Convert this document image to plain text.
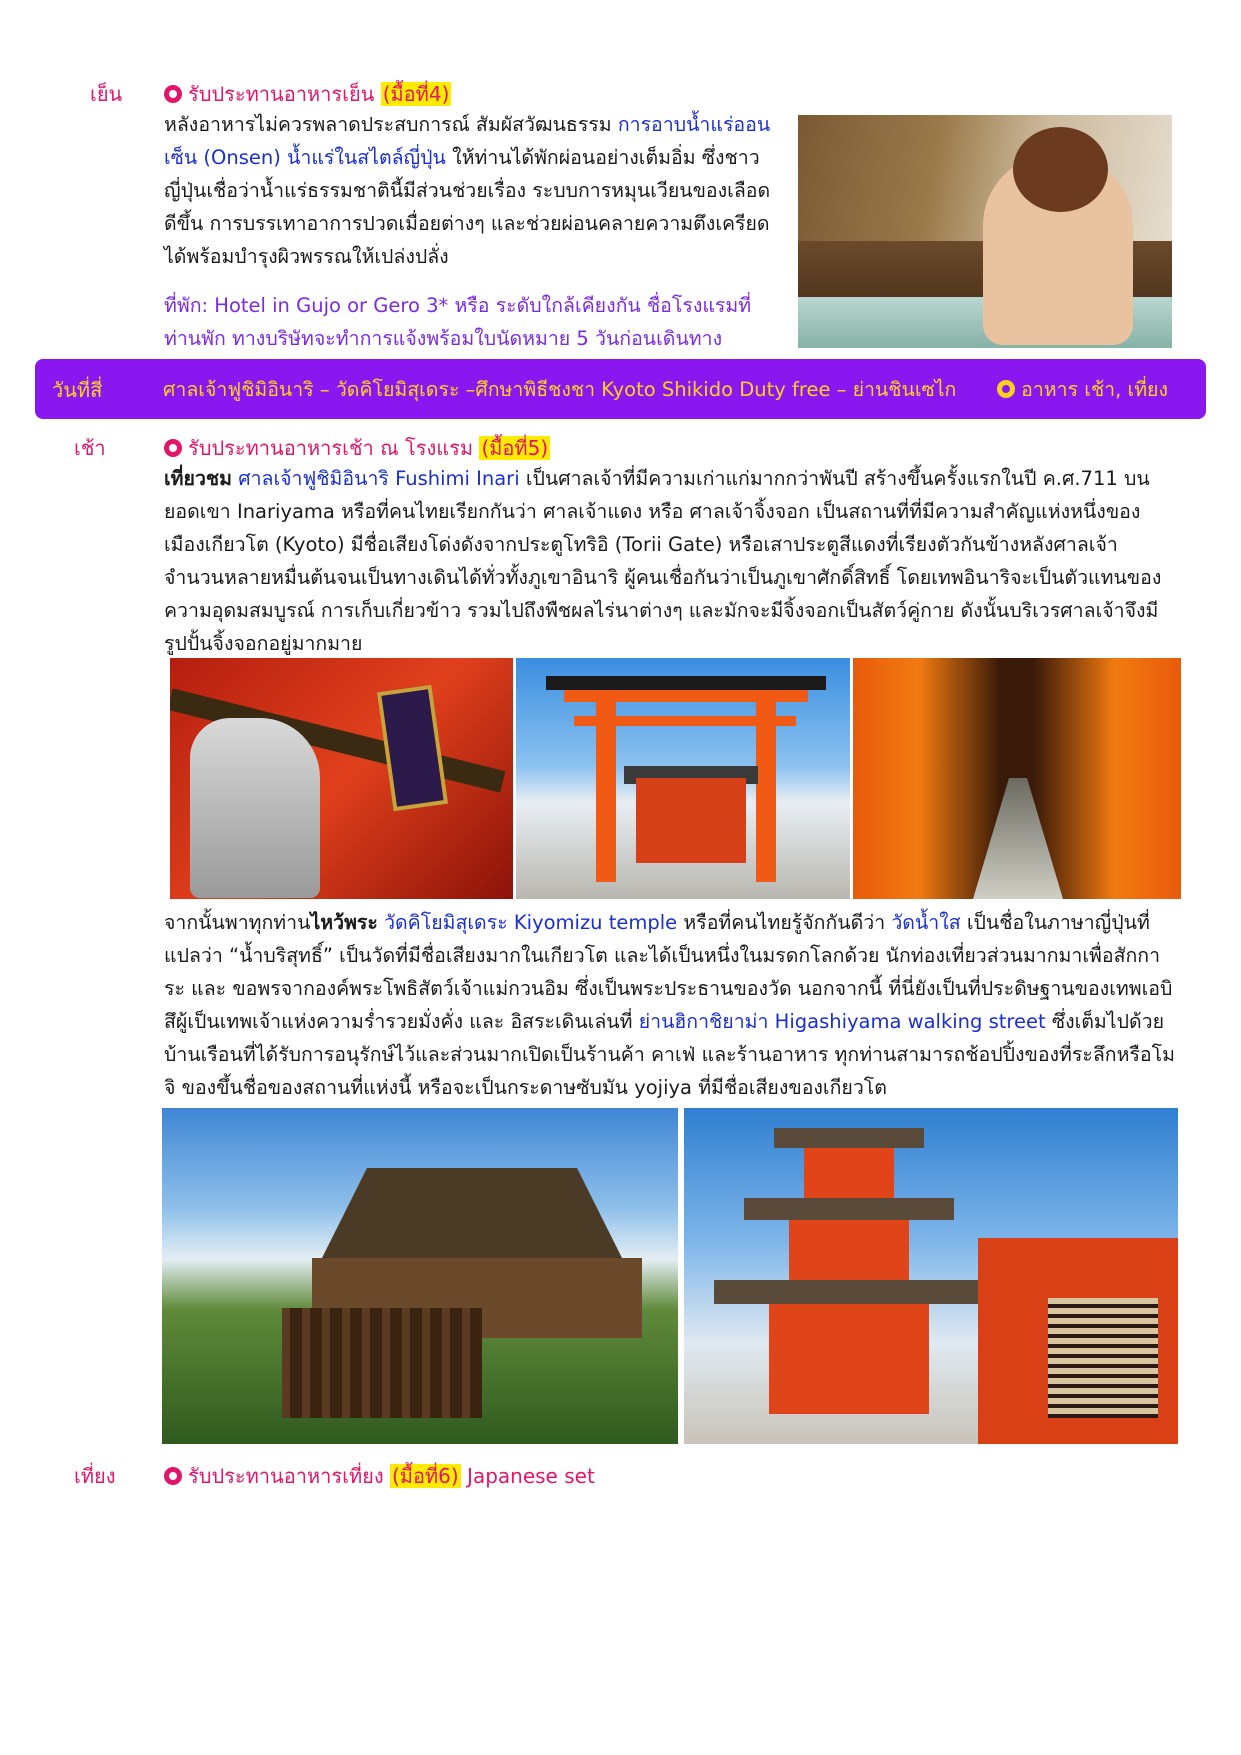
เย็น	รับประทานอาหารเย็น (มื้อที่4)
หลังอาหารไม่ควรพลาดประสบการณ์ สัมผัสวัฒนธรรม การอาบน้ำแร่ออนเซ็น (Onsen) น้ำแร่ในสไตล์ญี่ปุ่น ให้ท่านได้พักผ่อนอย่างเต็มอิ่ม ซึ่งชาวญี่ปุ่นเชื่อว่าน้ำแร่ธรรมชาตินี้มีส่วนช่วยเรื่อง ระบบการหมุนเวียนของเลือดดีขึ้น การบรรเทาอาการปวดเมื่อยต่างๆ และช่วยผ่อนคลายความตึงเครียดได้พร้อมบำรุงผิวพรรณให้เปล่งปลั่ง
ที่พัก: Hotel in Gujo or Gero 3* หรือ ระดับใกล้เคียงกัน ชื่อโรงแรมที่ท่านพัก ทางบริษัทจะทำการแจ้งพร้อมใบนัดหมาย 5 วันก่อนเดินทาง
วันที่สี่	ศาลเจ้าฟูชิมิอินาริ – วัดคิโยมิสุเดระ –ศึกษาพิธีชงชา Kyoto Shikido Duty free – ย่านชินเซไก	อาหาร เช้า, เที่ยง
เช้า	รับประทานอาหารเช้า ณ โรงแรม (มื้อที่5)
เที่ยวชม ศาลเจ้าฟูชิมิอินาริ Fushimi Inari เป็นศาลเจ้าที่มีความเก่าแก่มากกว่าพันปี สร้างขึ้นครั้งแรกในปี ค.ศ.711 บนยอดเขา Inariyama หรือที่คนไทยเรียกกันว่า ศาลเจ้าแดง หรือ ศาลเจ้าจิ้งจอก เป็นสถานที่ที่มีความสำคัญแห่งหนึ่งของเมืองเกียวโต (Kyoto) มีชื่อเสียงโด่งดังจากประตูโทริอิ (Torii Gate) หรือเสาประตูสีแดงที่เรียงตัวกันข้างหลังศาลเจ้าจำนวนหลายหมื่นต้นจนเป็นทางเดินได้ทั่วทั้งภูเขาอินาริ ผู้คนเชื่อกันว่าเป็นภูเขาศักดิ์สิทธิ์ โดยเทพอินาริจะเป็นตัวแทนของความอุดมสมบูรณ์ การเก็บเกี่ยวข้าว รวมไปถึงพืชผลไร่นาต่างๆ และมักจะมีจิ้งจอกเป็นสัตว์คู่กาย ดังนั้นบริเวรศาลเจ้าจึงมีรูปปั้นจิ้งจอกอยู่มากมาย
จากนั้นพาทุกท่านไหว้พระ วัดคิโยมิสุเดระ Kiyomizu temple หรือที่คนไทยรู้จักกันดีว่า วัดน้ำใส เป็นชื่อในภาษาญี่ปุ่นที่แปลว่า “น้ำบริสุทธิ์” เป็นวัดที่มีชื่อเสียงมากในเกียวโต และได้เป็นหนึ่งในมรดกโลกด้วย นักท่องเที่ยวส่วนมากมาเพื่อสักการะ และ ขอพรจากองค์พระโพธิสัตว์เจ้าแม่กวนอิม ซึ่งเป็นพระประธานของวัด นอกจากนี้ ที่นี่ยังเป็นที่ประดิษฐานของเทพเอบิสึผู้เป็นเทพเจ้าแห่งความร่ำรวยมั่งคั่ง และ อิสระเดินเล่นที่ ย่านฮิกาชิยาม่า Higashiyama walking street ซึ่งเต็มไปด้วยบ้านเรือนที่ได้รับการอนุรักษ์ไว้และส่วนมากเปิดเป็นร้านค้า คาเฟ่ และร้านอาหาร ทุกท่านสามารถช้อปปิ้งของที่ระลึกหรือโมจิ ของขึ้นชื่อของสถานที่แห่งนี้ หรือจะเป็นกระดาษซับมัน yojiya ที่มีชื่อเสียงของเกียวโต
เที่ยง	รับประทานอาหารเที่ยง (มื้อที่6) Japanese set
